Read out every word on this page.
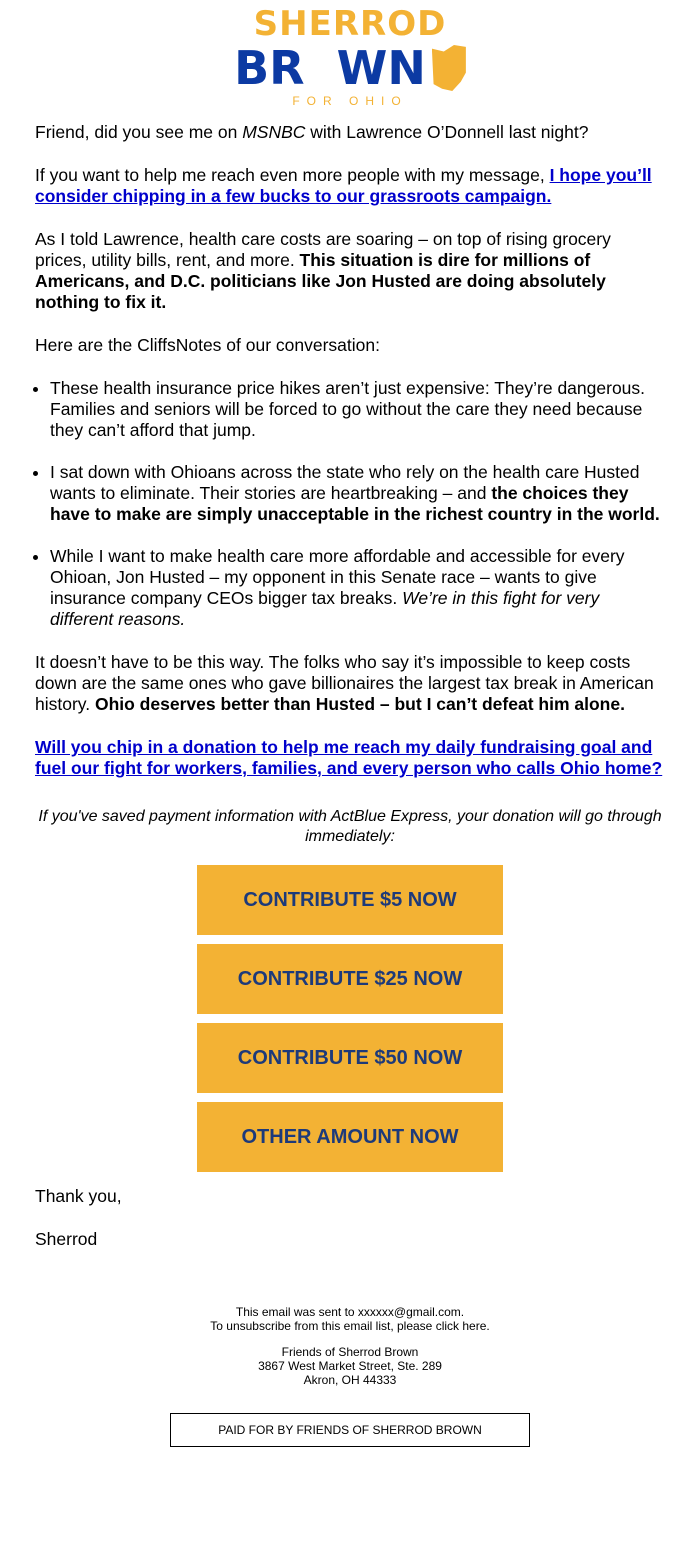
SHERROD
BR  WN
FOR OHIO

Friend, did you see me on MSNBC with Lawrence O’Donnell last night?

If you want to help me reach even more people with my message, I hope you’ll consider chipping in a few bucks to our grassroots campaign.

As I told Lawrence, health care costs are soaring – on top of rising grocery prices, utility bills, rent, and more. This situation is dire for millions of Americans, and D.C. politicians like Jon Husted are doing absolutely nothing to fix it.

Here are the CliffsNotes of our conversation:

• These health insurance price hikes aren’t just expensive: They’re dangerous. Families and seniors will be forced to go without the care they need because they can’t afford that jump.
• I sat down with Ohioans across the state who rely on the health care Husted wants to eliminate. Their stories are heartbreaking – and the choices they have to make are simply unacceptable in the richest country in the world.
• While I want to make health care more affordable and accessible for every Ohioan, Jon Husted – my opponent in this Senate race – wants to give insurance company CEOs bigger tax breaks. We’re in this fight for very different reasons.

It doesn’t have to be this way. The folks who say it’s impossible to keep costs down are the same ones who gave billionaires the largest tax break in American history. Ohio deserves better than Husted – but I can’t defeat him alone.

Will you chip in a donation to help me reach my daily fundraising goal and fuel our fight for workers, families, and every person who calls Ohio home?

If you've saved payment information with ActBlue Express, your donation will go through immediately:
CONTRIBUTE $5 NOW
CONTRIBUTE $25 NOW
CONTRIBUTE $50 NOW
OTHER AMOUNT NOW

Thank you,

Sherrod

This email was sent to xxxxxx@gmail.com.
To unsubscribe from this email list, please click here.

Friends of Sherrod Brown
3867 West Market Street, Ste. 289
Akron, OH 44333

PAID FOR BY FRIENDS OF SHERROD BROWN
